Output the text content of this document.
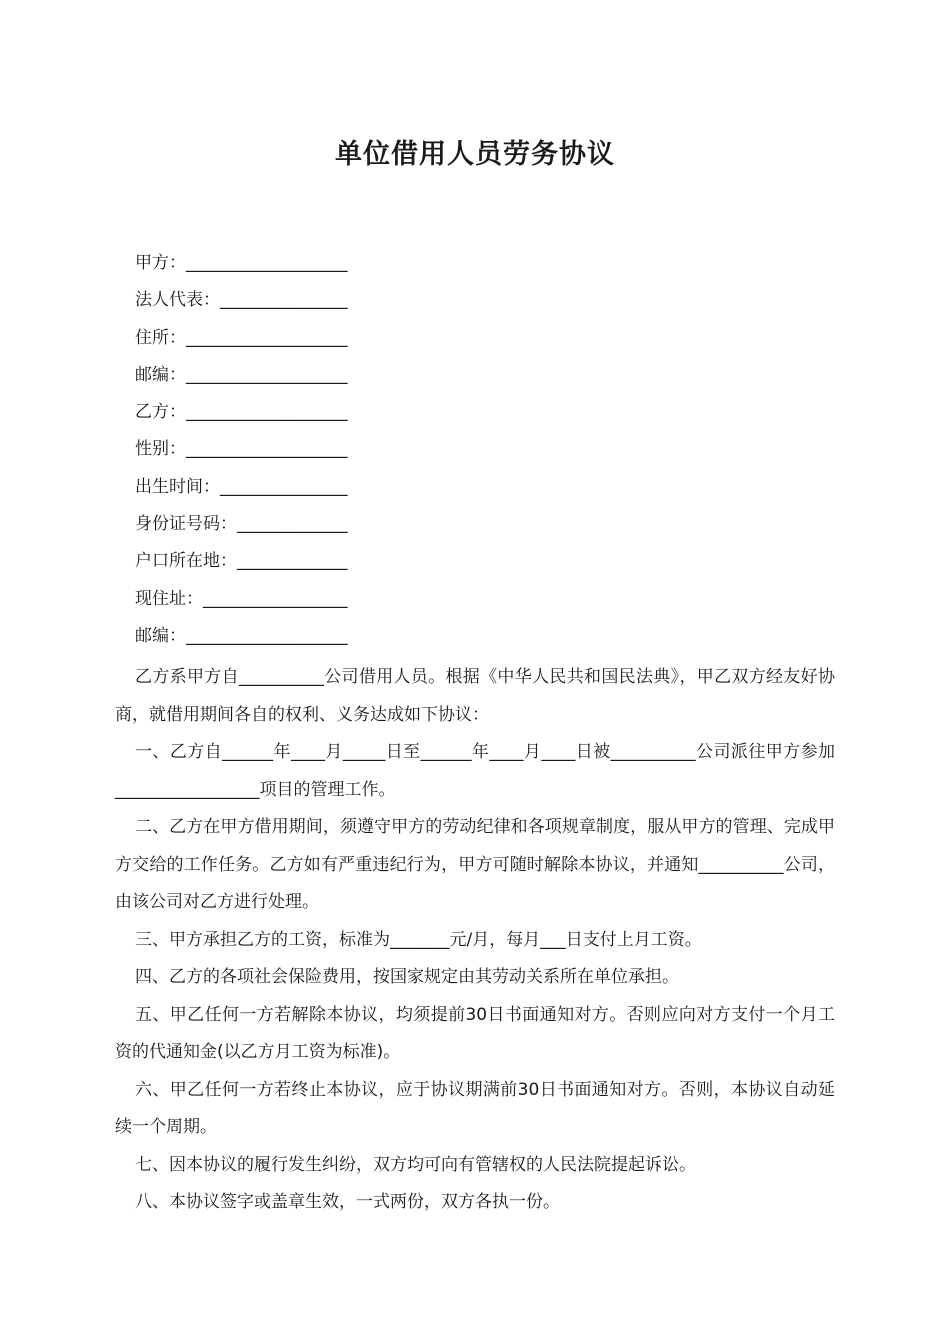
单位借用人员劳务协议
甲方：___________________
法人代表：_______________
住所：___________________
邮编：___________________
乙方：___________________
性别：___________________
出生时间：_______________
身份证号码：_____________
户口所在地：_____________
现住址：_________________
邮编：___________________

乙方系甲方自__________公司借用人员。根据《中华人民共和国民法典》，甲乙双方经友好协商，就借用期间各自的权利、义务达成如下协议：

一、乙方自______年____月_____日至______年____月____日被__________公司派往甲方参加_________________项目的管理工作。

二、乙方在甲方借用期间，须遵守甲方的劳动纪律和各项规章制度，服从甲方的管理、完成甲方交给的工作任务。乙方如有严重违纪行为，甲方可随时解除本协议，并通知__________公司，由该公司对乙方进行处理。

三、甲方承担乙方的工资，标准为_______元/月，每月___日支付上月工资。

四、乙方的各项社会保险费用，按国家规定由其劳动关系所在单位承担。

五、甲乙任何一方若解除本协议，均须提前30日书面通知对方。否则应向对方支付一个月工资的代通知金(以乙方月工资为标准)。

六、甲乙任何一方若终止本协议，应于协议期满前30日书面通知对方。否则，本协议自动延续一个周期。

七、因本协议的履行发生纠纷，双方均可向有管辖权的人民法院提起诉讼。

八、本协议签字或盖章生效，一式两份，双方各执一份。
